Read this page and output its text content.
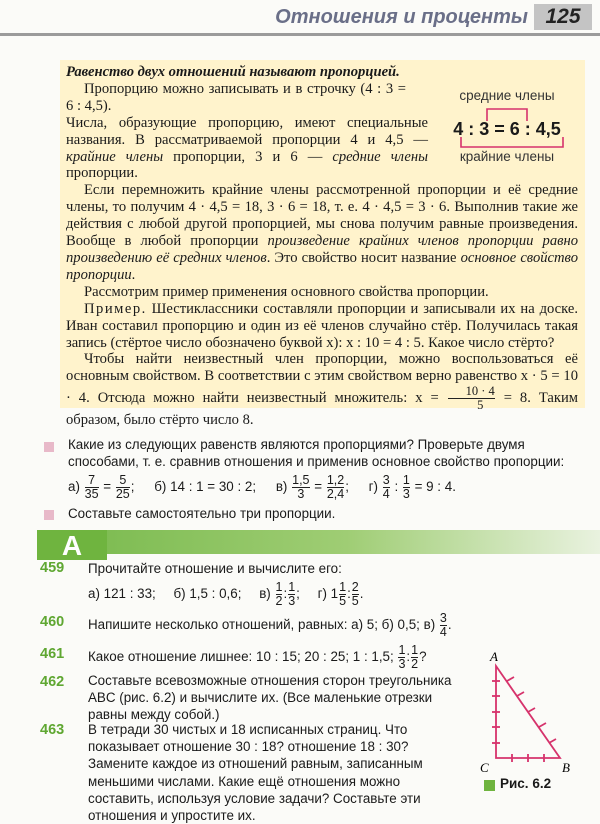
Отношения и проценты 125
Равенство двух отношений называют пропорцией.
Пропорцию можно записывать и в строчку (4 : 3 = 6 : 4,5).
Числа, образующие пропорцию, имеют специальные названия. В рассматриваемой пропорции 4 и 4,5 — крайние члены пропорции, 3 и 6 — средние члены пропорции.
Если перемножить крайние члены рассмотренной пропорции и её средние члены, то получим 4 · 4,5 = 18, 3 · 6 = 18, т. е. 4 · 4,5 = 3 · 6. Выполнив такие же действия с любой другой пропорцией, мы снова получим равные произведения. Вообще в любой пропорции произведение крайних членов пропорции равно произведению её средних членов. Это свойство носит название основное свойство пропорции.
Рассмотрим пример применения основного свойства пропорции.
Пример. Шестиклассники составляли пропорции и записывали их на доске. Иван составил пропорцию и один из её членов случайно стёр. Получилась такая запись (стёртое число обозначено буквой x): x : 10 = 4 : 5. Какое число стёрто?
Чтобы найти неизвестный член пропорции, можно воспользоваться её основным свойством. В соответствии с этим свойством верно равенство x · 5 = 10 · 4. Отсюда можно найти неизвестный множитель: $x = \frac{10 \cdot 4}{5} = 8$. Таким образом, было стёрто число 8.
средние члены
4 : 3 = 6 : 4,5
крайние члены
Какие из следующих равенств являются пропорциями? Проверьте двумя способами, т. е. сравнив отношения и применив основное свойство пропорции:
$а) \frac{7}{35} = \frac{5}{25}$ ; б) 14 : 1 = 30 : 2; $в) \frac{1,5}{3} = \frac{1,2}{2,4}$ ; $г) \frac{3}{4}$ : $\frac{1}{3} = 9$ : 4.
Составьте самостоятельно три пропорции.
A
459 Прочитайте отношение и вычислите его:
а) 121 : 33; б) 1,5 : 0,6; $в) \frac{1}{2}$ : $\frac{1}{3}$ ; г) $1 \frac{1}{5}$ : $\frac{2}{5}$ .
460 Напишите несколько отношений, равных: а) 5; б) 0,5; $в) \frac{3}{4}$ .
461 Какое отношение лишнее: 10 : 15; 20 : 25; 1 : 1,5; $\frac{1}{3}$ : $\frac{1}{2}$ ?
462 Составьте всевозможные отношения сторон треугольника ABC (рис. 6.2) и вычислите их. (Все маленькие отрезки равны между собой.)
463 В тетради 30 чистых и 18 исписанных страниц. Что показывает отношение 30 : 18? отношение 18 : 30? Замените каждое из отношений равным, записанным меньшими числами. Какие ещё отношения можно составить, используя условие задачи? Составьте эти отношения и упростите их.
A
C	B
Рис. 6.2
